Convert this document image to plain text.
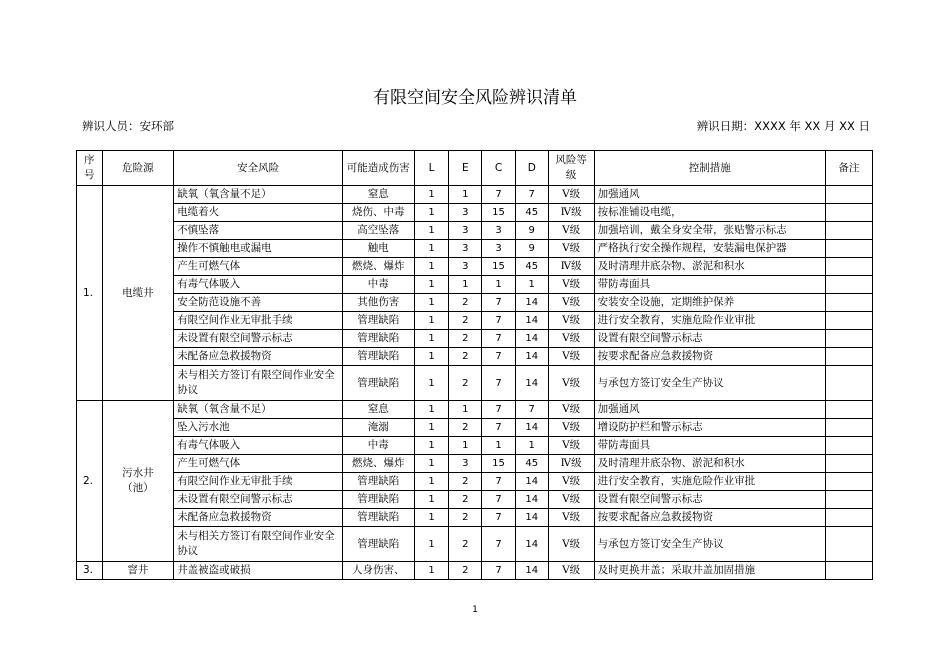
有限空间安全风险辨识清单
辨识人员：安环部	辨识日期：XXXX 年 XX 月 XX 日
序号	危险源	安全风险	可能造成伤害	L	E	C	D	风险等级	控制措施	备注
1.	电缆井	缺氧（氧含量不足）	窒息	1	1	7	7	Ⅴ级	加强通风	
		电缆着火	烧伤、中毒	1	3	15	45	Ⅳ级	按标准铺设电缆，	
		不慎坠落	高空坠落	1	3	3	9	Ⅴ级	加强培训，戴全身安全带，张贴警示标志	
		操作不慎触电或漏电	触电	1	3	3	9	Ⅴ级	严格执行安全操作规程，安装漏电保护器	
		产生可燃气体	燃烧、爆炸	1	3	15	45	Ⅳ级	及时清理井底杂物、淤泥和积水	
		有毒气体吸入	中毒	1	1	1	1	Ⅴ级	带防毒面具	
		安全防范设施不善	其他伤害	1	2	7	14	Ⅴ级	安装安全设施，定期维护保养	
		有限空间作业无审批手续	管理缺陷	1	2	7	14	Ⅴ级	进行安全教育，实施危险作业审批	
		未设置有限空间警示标志	管理缺陷	1	2	7	14	Ⅴ级	设置有限空间警示标志	
		未配备应急救援物资	管理缺陷	1	2	7	14	Ⅴ级	按要求配备应急救援物资	
		未与相关方签订有限空间作业安全协议	管理缺陷	1	2	7	14	Ⅴ级	与承包方签订安全生产协议	
2.	污水井（池）	缺氧（氧含量不足）	窒息	1	1	7	7	Ⅴ级	加强通风	
		坠入污水池	淹溺	1	2	7	14	Ⅴ级	增设防护栏和警示标志	
		有毒气体吸入	中毒	1	1	1	1	Ⅴ级	带防毒面具	
		产生可燃气体	燃烧、爆炸	1	3	15	45	Ⅳ级	及时清理井底杂物、淤泥和积水	
		有限空间作业无审批手续	管理缺陷	1	2	7	14	Ⅴ级	进行安全教育，实施危险作业审批	
		未设置有限空间警示标志	管理缺陷	1	2	7	14	Ⅴ级	设置有限空间警示标志	
		未配备应急救援物资	管理缺陷	1	2	7	14	Ⅴ级	按要求配备应急救援物资	
		未与相关方签订有限空间作业安全协议	管理缺陷	1	2	7	14	Ⅴ级	与承包方签订安全生产协议	
3.	窨井	井盖被盗或破损	人身伤害、	1	2	7	14	Ⅴ级	及时更换井盖；采取井盖加固措施	
1
